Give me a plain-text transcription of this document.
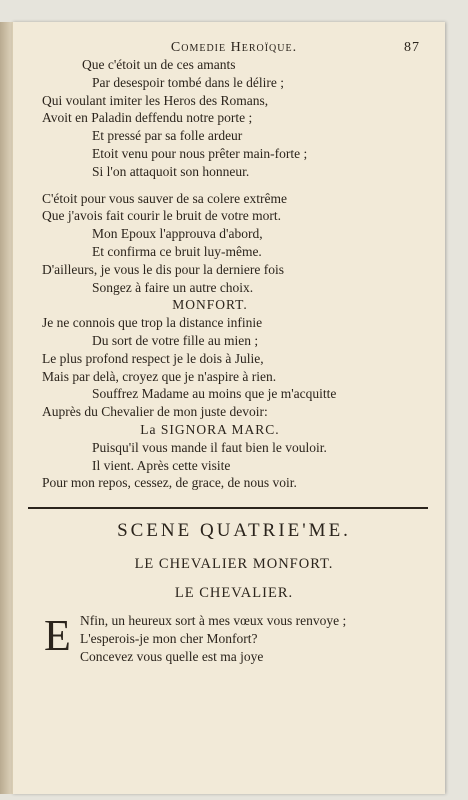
Comedie Heroïque.	87
Que c'étoit un de ces amants
Par desespoir tombé dans le délire ;
Qui voulant imiter les Heros des Romans,
Avoit en Paladin deffendu notre porte ;
Et pressé par sa folle ardeur
Etoit venu pour nous prêter main-forte ;
Si l'on attaquoit son honneur.
C'étoit pour vous sauver de sa colere extrême
Que j'avois fait courir le bruit de votre mort.
Mon Epoux l'approuva d'abord,
Et confirma ce bruit luy-même.
D'ailleurs, je vous le dis pour la derniere fois
Songez à faire un autre choix.
MONFORT.
Je ne connois que trop la distance infinie
Du sort de votre fille au mien ;
Le plus profond respect je le dois à Julie,
Mais par delà, croyez que je n'aspire à rien.
Souffrez Madame au moins que je m'acquitte
Auprès du Chevalier de mon juste devoir:
La SIGNORA MARC.
Puisqu'il vous mande il faut bien le vouloir.
Il vient. Après cette visite
Pour mon repos, cessez, de grace, de nous voir.
SCENE QUATRIE'ME.
LE CHEVALIER MONFORT.
LE CHEVALIER.
E Nfin, un heureux sort à mes vœux vous renvoye ;
L'esperois-je mon cher Monfort?
Concevez vous quelle est ma joye
